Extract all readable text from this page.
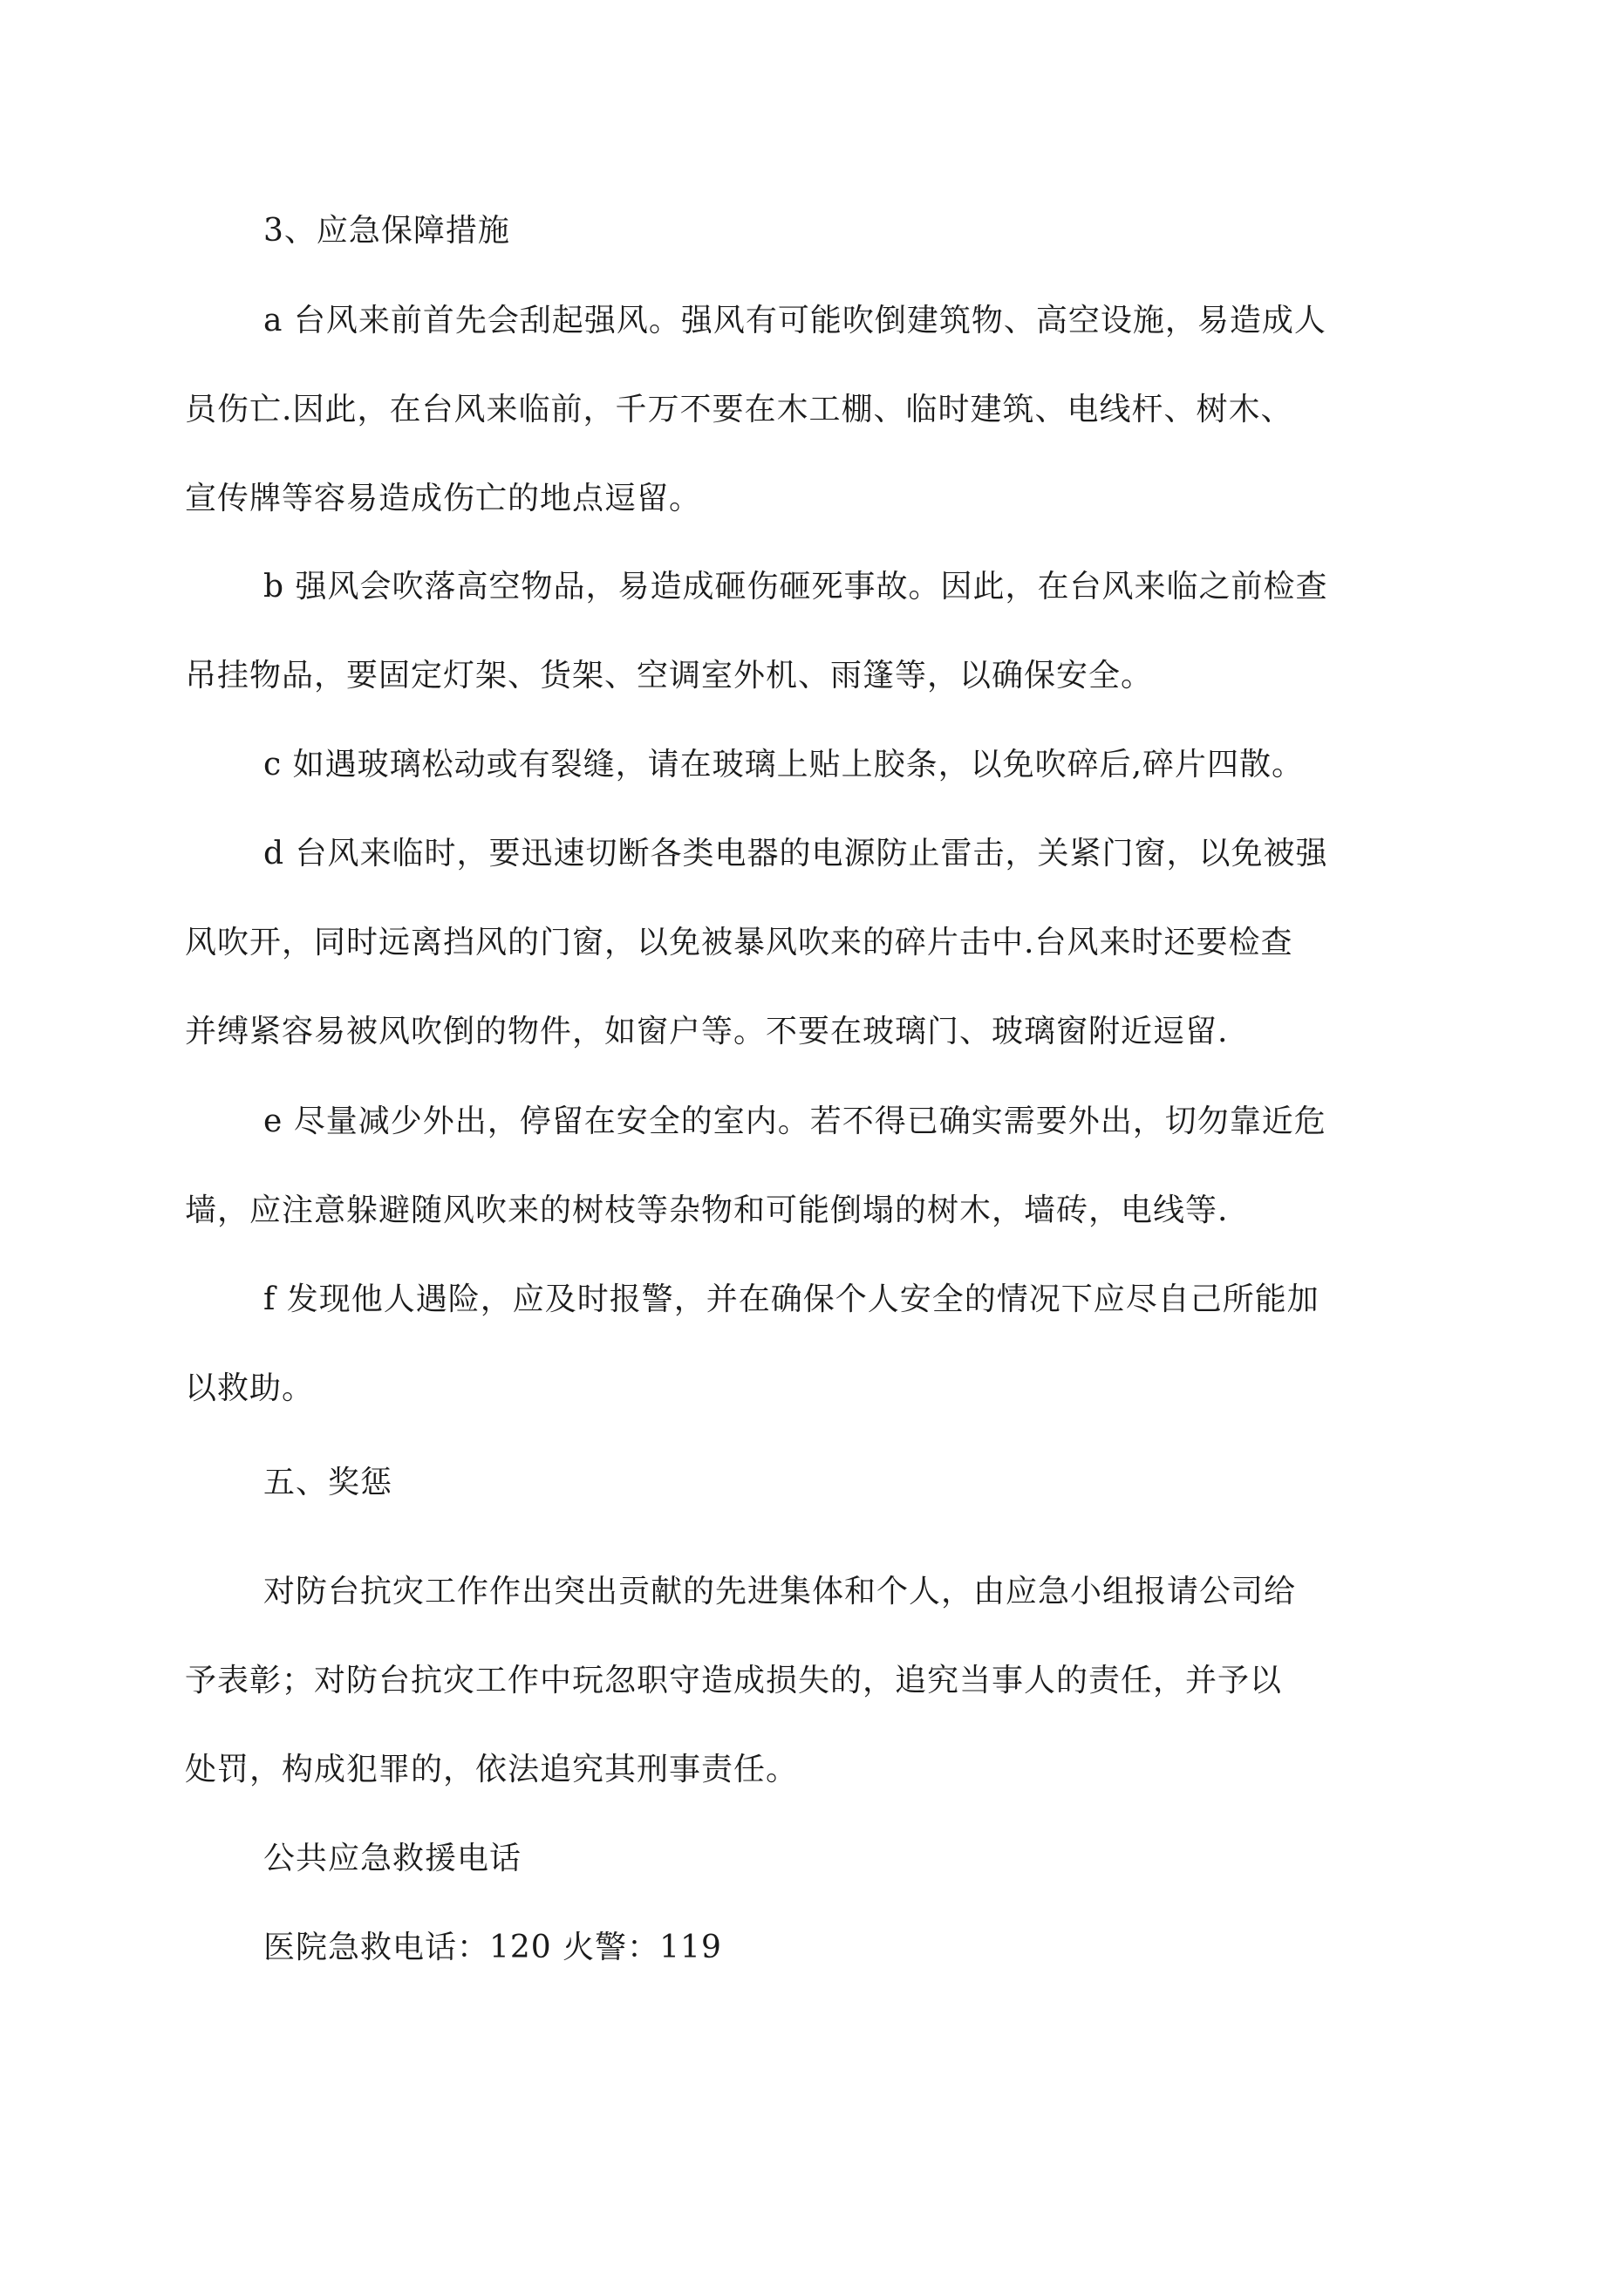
3、应急保障措施
a 台风来前首先会刮起强风。强风有可能吹倒建筑物、高空设施，易造成人
员伤亡.因此，在台风来临前，千万不要在木工棚、临时建筑、电线杆、树木、
宣传牌等容易造成伤亡的地点逗留。
b 强风会吹落高空物品，易造成砸伤砸死事故。因此，在台风来临之前检查
吊挂物品，要固定灯架、货架、空调室外机、雨篷等，以确保安全。
c 如遇玻璃松动或有裂缝，请在玻璃上贴上胶条，以免吹碎后,碎片四散。
d 台风来临时，要迅速切断各类电器的电源防止雷击，关紧门窗，以免被强
风吹开，同时远离挡风的门窗，以免被暴风吹来的碎片击中.台风来时还要检查
并缚紧容易被风吹倒的物件，如窗户等。不要在玻璃门、玻璃窗附近逗留.
e 尽量减少外出，停留在安全的室内。若不得已确实需要外出，切勿靠近危
墙，应注意躲避随风吹来的树枝等杂物和可能倒塌的树木，墙砖，电线等.
f 发现他人遇险，应及时报警，并在确保个人安全的情况下应尽自己所能加
以救助。
五、奖惩
对防台抗灾工作作出突出贡献的先进集体和个人，由应急小组报请公司给
予表彰；对防台抗灾工作中玩忽职守造成损失的，追究当事人的责任，并予以
处罚，构成犯罪的，依法追究其刑事责任。
公共应急救援电话
医院急救电话：120 火警：119
